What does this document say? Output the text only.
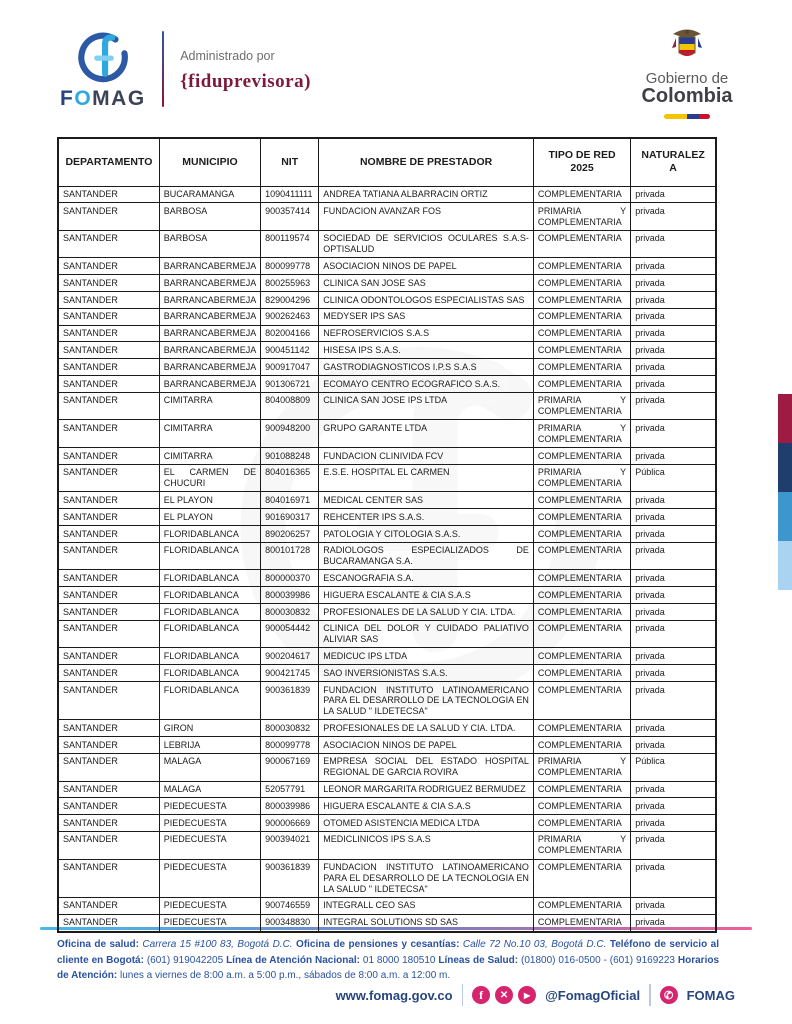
F O M A G
Administrado por
{fiduprevisora)	Gobierno de
Colombia
DEPARTAMENTO	MUNICIPIO	NIT	NOMBRE DE PRESTADOR	TIPO DE RED 2025	NATURALEZA
SANTANDER	BUCARAMANGA	1090411111	ANDREA TATIANA ALBARRACIN ORTIZ	COMPLEMENTARIA	privada
SANTANDER	BARBOSA	900357414	FUNDACION AVANZAR FOS	PRIMARIA Y COMPLEMENTARIA	privada
SANTANDER	BARBOSA	800119574	SOCIEDAD DE SERVICIOS OCULARES S.A.S-OPTISALUD	COMPLEMENTARIA	privada
SANTANDER	BARRANCABERMEJA	800099778	ASOCIACION NINOS DE PAPEL	COMPLEMENTARIA	privada
SANTANDER	BARRANCABERMEJA	800255963	CLINICA SAN JOSE SAS	COMPLEMENTARIA	privada
SANTANDER	BARRANCABERMEJA	829004296	CLINICA ODONTOLOGOS ESPECIALISTAS SAS	COMPLEMENTARIA	privada
SANTANDER	BARRANCABERMEJA	900262463	MEDYSER IPS SAS	COMPLEMENTARIA	privada
SANTANDER	BARRANCABERMEJA	802004166	NEFROSERVICIOS S.A.S	COMPLEMENTARIA	privada
SANTANDER	BARRANCABERMEJA	900451142	HISESA IPS S.A.S.	COMPLEMENTARIA	privada
SANTANDER	BARRANCABERMEJA	900917047	GASTRODIAGNOSTICOS I.P.S S.A.S	COMPLEMENTARIA	privada
SANTANDER	BARRANCABERMEJA	901306721	ECOMAYO CENTRO ECOGRAFICO S.A.S.	COMPLEMENTARIA	privada
SANTANDER	CIMITARRA	804008809	CLINICA SAN JOSE IPS LTDA	PRIMARIA Y COMPLEMENTARIA	privada
SANTANDER	CIMITARRA	900948200	GRUPO GARANTE LTDA	PRIMARIA Y COMPLEMENTARIA	privada
SANTANDER	CIMITARRA	901088248	FUNDACION CLINIVIDA FCV	COMPLEMENTARIA	privada
SANTANDER	EL CARMEN DE CHUCURI	804016365	E.S.E. HOSPITAL EL CARMEN	PRIMARIA Y COMPLEMENTARIA	Pública
SANTANDER	EL PLAYON	804016971	MEDICAL CENTER SAS	COMPLEMENTARIA	privada
SANTANDER	EL PLAYON	901690317	REHCENTER IPS S.A.S.	COMPLEMENTARIA	privada
SANTANDER	FLORIDABLANCA	890206257	PATOLOGIA Y CITOLOGIA S.A.S.	COMPLEMENTARIA	privada
SANTANDER	FLORIDABLANCA	800101728	RADIOLOGOS ESPECIALIZADOS DE BUCARAMANGA S.A.	COMPLEMENTARIA	privada
SANTANDER	FLORIDABLANCA	800000370	ESCANOGRAFIA S.A.	COMPLEMENTARIA	privada
SANTANDER	FLORIDABLANCA	800039986	HIGUERA ESCALANTE & CIA S.A.S	COMPLEMENTARIA	privada
SANTANDER	FLORIDABLANCA	800030832	PROFESIONALES DE LA SALUD Y CIA. LTDA.	COMPLEMENTARIA	privada
SANTANDER	FLORIDABLANCA	900054442	CLINICA DEL DOLOR Y CUIDADO PALIATIVO ALIVIAR SAS	COMPLEMENTARIA	privada
SANTANDER	FLORIDABLANCA	900204617	MEDICUC IPS LTDA	COMPLEMENTARIA	privada
SANTANDER	FLORIDABLANCA	900421745	SAO INVERSIONISTAS S.A.S.	COMPLEMENTARIA	privada
SANTANDER	FLORIDABLANCA	900361839	FUNDACION INSTITUTO LATINOAMERICANO PARA EL DESARROLLO DE LA TECNOLOGIA EN LA SALUD " ILDETECSA"	COMPLEMENTARIA	privada
SANTANDER	GIRON	800030832	PROFESIONALES DE LA SALUD Y CIA. LTDA.	COMPLEMENTARIA	privada
SANTANDER	LEBRIJA	800099778	ASOCIACION NINOS DE PAPEL	COMPLEMENTARIA	privada
SANTANDER	MALAGA	900067169	EMPRESA SOCIAL DEL ESTADO HOSPITAL REGIONAL DE GARCIA ROVIRA	PRIMARIA Y COMPLEMENTARIA	Pública
SANTANDER	MALAGA	52057791	LEONOR MARGARITA RODRIGUEZ BERMUDEZ	COMPLEMENTARIA	privada
SANTANDER	PIEDECUESTA	800039986	HIGUERA ESCALANTE & CIA S.A.S	COMPLEMENTARIA	privada
SANTANDER	PIEDECUESTA	900006669	OTOMED ASISTENCIA MEDICA LTDA	COMPLEMENTARIA	privada
SANTANDER	PIEDECUESTA	900394021	MEDICLINICOS IPS S.A.S	PRIMARIA Y COMPLEMENTARIA	privada
SANTANDER	PIEDECUESTA	900361839	FUNDACION INSTITUTO LATINOAMERICANO PARA EL DESARROLLO DE LA TECNOLOGIA EN LA SALUD " ILDETECSA"	COMPLEMENTARIA	privada
SANTANDER	PIEDECUESTA	900746559	INTEGRALL CEO SAS	COMPLEMENTARIA	privada
SANTANDER	PIEDECUESTA	900348830	INTEGRAL SOLUTIONS SD SAS	COMPLEMENTARIA	privada

Oficina de salud: Carrera 15 #100 83, Bogotá D.C. Oficina de pensiones y cesantías: Calle 72 No.10 03, Bogotá D.C. Teléfono de servicio al cliente en Bogotá: (601) 919042205 Línea de Atención Nacional: 01 8000 180510 Líneas de Salud: (01800) 016-0500 - (601) 9169223 Horarios de Atención: lunes a viernes de 8:00 a.m. a 5:00 p.m., sábados de 8:00 a.m. a 12:00 m.

www.fomag.gov.co	f	✕	▶	@FomagOficial	✆	FOMAG
